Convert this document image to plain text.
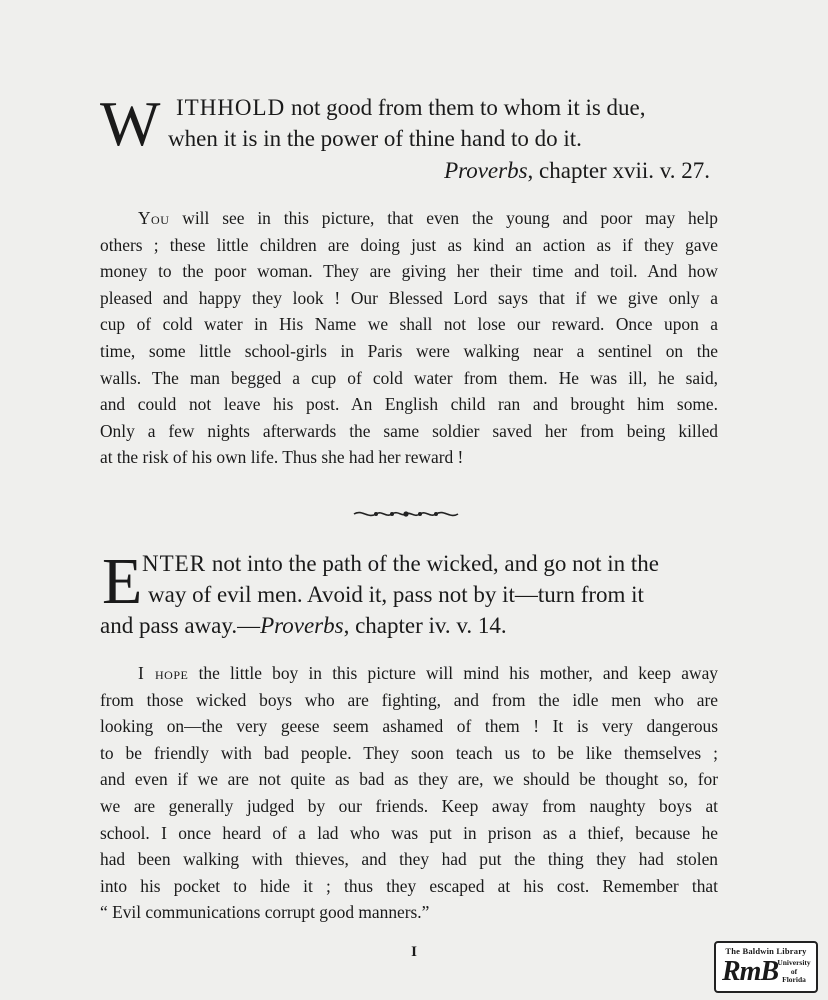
W ITHHOLD not good from them to whom it is due,
when it is in the power of thine hand to do it.
Proverbs, chapter xvii. v. 27.
You will see in this picture, that even the young and poor may help
others ; these little children are doing just as kind an action as if they gave
money to the poor woman. They are giving her their time and toil. And how
pleased and happy they look ! Our Blessed Lord says that if we give only a
cup of cold water in His Name we shall not lose our reward. Once upon a
time, some little school-girls in Paris were walking near a sentinel on the
walls. The man begged a cup of cold water from them. He was ill, he said,
and could not leave his post. An English child ran and brought him some.
Only a few nights afterwards the same soldier saved her from being killed
at the risk of his own life. Thus she had her reward !
E NTER not into the path of the wicked, and go not in the
way of evil men. Avoid it, pass not by it—turn from it
and pass away.—Proverbs, chapter iv. v. 14.
I hope the little boy in this picture will mind his mother, and keep away
from those wicked boys who are fighting, and from the idle men who are
looking on—the very geese seem ashamed of them ! It is very dangerous
to be friendly with bad people. They soon teach us to be like themselves ;
and even if we are not quite as bad as they are, we should be thought so, for
we are generally judged by our friends. Keep away from naughty boys at
school. I once heard of a lad who was put in prison as a thief, because he
had been walking with thieves, and they had put the thing they had stolen
into his pocket to hide it ; thus they escaped at his cost. Remember that
“ Evil communications corrupt good manners.”
I	The Baldwin Library
RmB University
of
Florida
